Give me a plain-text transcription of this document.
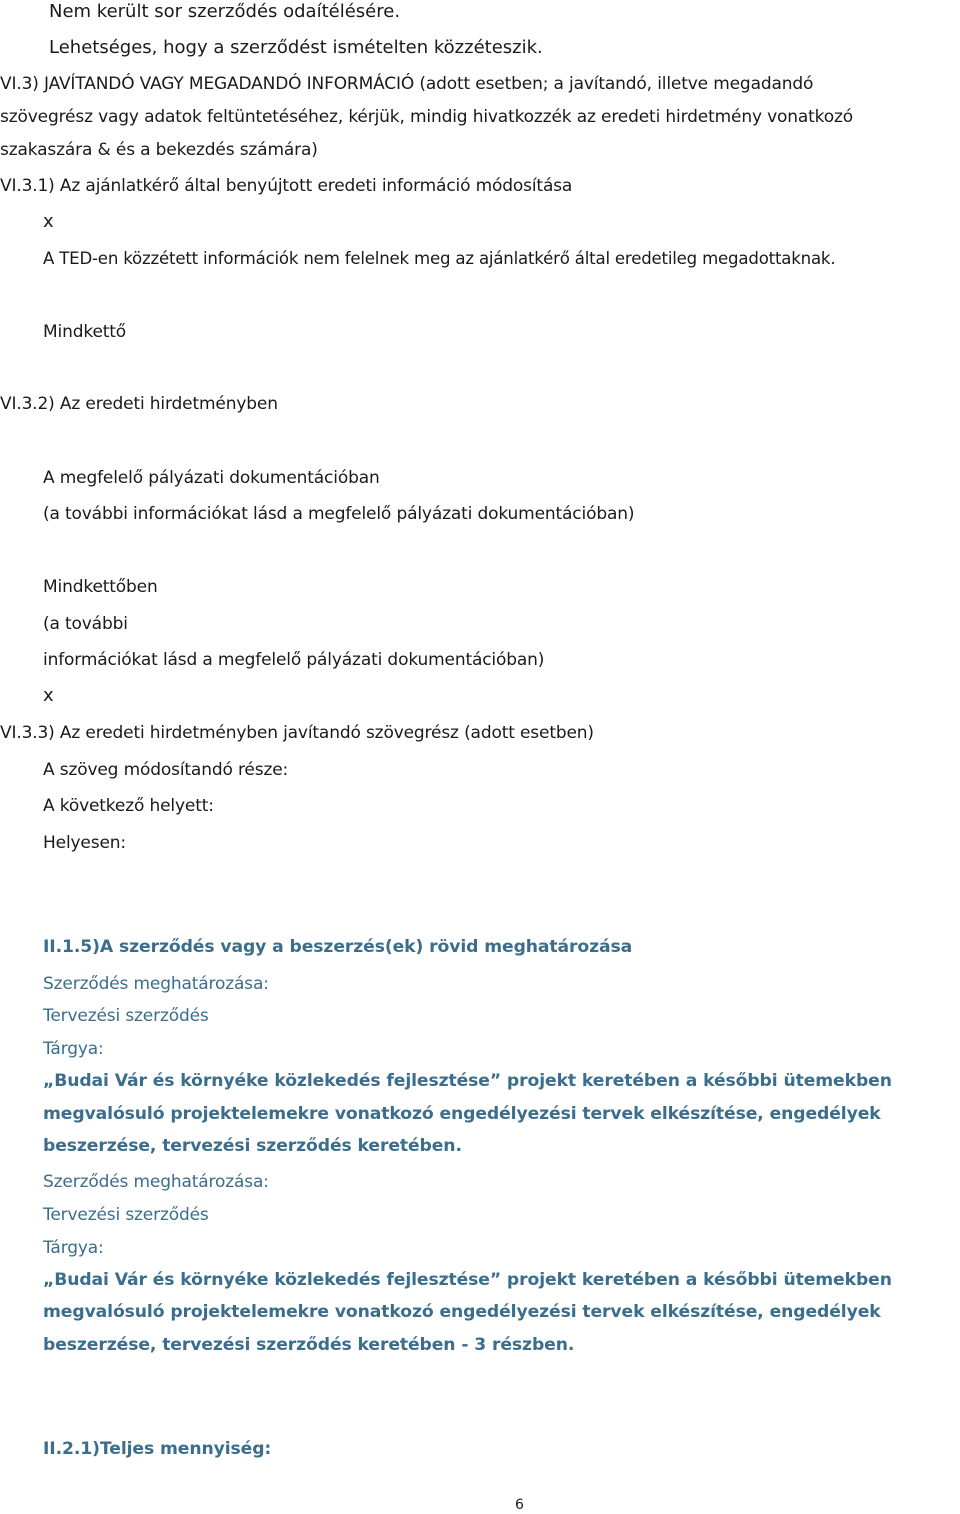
Nem került sor szerződés odaítélésére.
Lehetséges, hogy a szerződést ismételten közzéteszik.
VI.3) JAVÍTANDÓ VAGY MEGADANDÓ INFORMÁCIÓ (adott esetben; a javítandó, illetve megadandó
szövegrész vagy adatok feltüntetéséhez, kérjük, mindig hivatkozzék az eredeti hirdetmény vonatkozó
szakaszára & és a bekezdés számára)
VI.3.1) Az ajánlatkérő által benyújtott eredeti információ módosítása
x
A TED-en közzétett információk nem felelnek meg az ajánlatkérő által eredetileg megadottaknak.
Mindkettő
VI.3.2) Az eredeti hirdetményben
A megfelelő pályázati dokumentációban
(a további információkat lásd a megfelelő pályázati dokumentációban)
Mindkettőben
(a további
információkat lásd a megfelelő pályázati dokumentációban)
x
VI.3.3) Az eredeti hirdetményben javítandó szövegrész (adott esetben)
A szöveg módosítandó része:
A következő helyett:
Helyesen:
II.1.5)A szerződés vagy a beszerzés(ek) rövid meghatározása
Szerződés meghatározása:
Tervezési szerződés
Tárgya:
„Budai Vár és környéke közlekedés fejlesztése” projekt keretében a későbbi ütemekben
megvalósuló projektelemekre vonatkozó engedélyezési tervek elkészítése, engedélyek
beszerzése, tervezési szerződés keretében.
Szerződés meghatározása:
Tervezési szerződés
Tárgya:
„Budai Vár és környéke közlekedés fejlesztése” projekt keretében a későbbi ütemekben
megvalósuló projektelemekre vonatkozó engedélyezési tervek elkészítése, engedélyek
beszerzése, tervezési szerződés keretében - 3 részben.
II.2.1)Teljes mennyiség:
6
